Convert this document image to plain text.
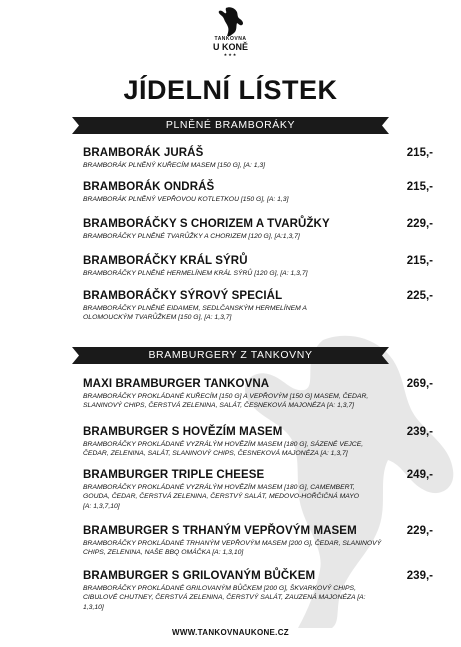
TANKOVNA
U KONĚ
★★★
JÍDELNÍ LÍSTEK
PLNĚNÉ BRAMBORÁKY
BRAMBORÁK JURÁŠ
BRAMBORÁK PLNĚNÝ KUŘECÍM MASEM [150 G], [A: 1,3]
215,-
BRAMBORÁK ONDRÁŠ
BRAMBORÁK PLNĚNÝ VEPŘOVOU KOTLETKOU [150 G], [A: 1,3]
215,-
BRAMBORÁČKY S CHORIZEM A TVARŮŽKY
BRAMBORÁČKY PLNĚNÉ TVARŮŽKY A CHORIZEM [120 G], [A:1,3,7]
229,-
BRAMBORÁČKY KRÁL SÝRŮ
BRAMBORÁČKY PLNĚNÉ HERMELÍNEM KRÁL SÝRŮ [120 G], [A: 1,3,7]
215,-
BRAMBORÁČKY SÝROVÝ SPECIÁL
BRAMBORÁČKY PLNĚNÉ EIDAMEM, SEDLČANSKÝM HERMELÍNEM A OLOMOUCKÝM TVARŮŽKEM [150 G], [A: 1,3,7]
225,-
BRAMBURGERY Z TANKOVNY
MAXI BRAMBURGER TANKOVNA
BRAMBORÁČKY PROKLÁDANÉ KUŘECÍM [150 G] A VEPŘOVÝM [150 G] MASEM, ČEDAR, SLANINOVÝ CHIPS, ČERSTVÁ ZELENINA, SALÁT, ČESNEKOVÁ MAJONÉZA [A: 1,3,7]
269,-
BRAMBURGER S HOVĚZÍM MASEM
BRAMBORÁČKY PROKLÁDANÉ VYZRÁLÝM HOVĚZÍM MASEM [180 G], SÁZENÉ VEJCE, ČEDAR, ZELENINA, SALÁT, SLANINOVÝ CHIPS, ČESNEKOVÁ MAJONÉZA [A: 1,3,7]
239,-
BRAMBURGER TRIPLE CHEESE
BRAMBORÁČKY PROKLÁDANÉ VYZRÁLÝM HOVĚZÍM MASEM [180 G], CAMEMBERT, GOUDA, ČEDAR, ČERSTVÁ ZELENINA, ČERSTVÝ SALÁT, MEDOVO-HOŘČIČNÁ MAYO [A: 1,3,7,10]
249,-
BRAMBURGER S TRHANÝM VEPŘOVÝM MASEM
BRAMBORÁČKY PROKLÁDANÉ TRHANÝM VEPŘOVÝM MASEM [200 G], ČEDAR, SLANINOVÝ CHIPS, ZELENINA, NAŠE BBQ OMÁČKA [A: 1,3,10]
229,-
BRAMBURGER S GRILOVANÝM BŮČKEM
BRAMBORÁČKY PROKLÁDANÉ GRILOVANÝM BŮČKEM [200 G], ŠKVARKOVÝ CHIPS, CIBULOVÉ CHUTNEY, ČERSTVÁ ZELENINA, ČERSTVÝ SALÁT, ZAUZENÁ MAJONÉZA [A: 1,3,10]
239,-
WWW.TANKOVNAUKONE.CZ
